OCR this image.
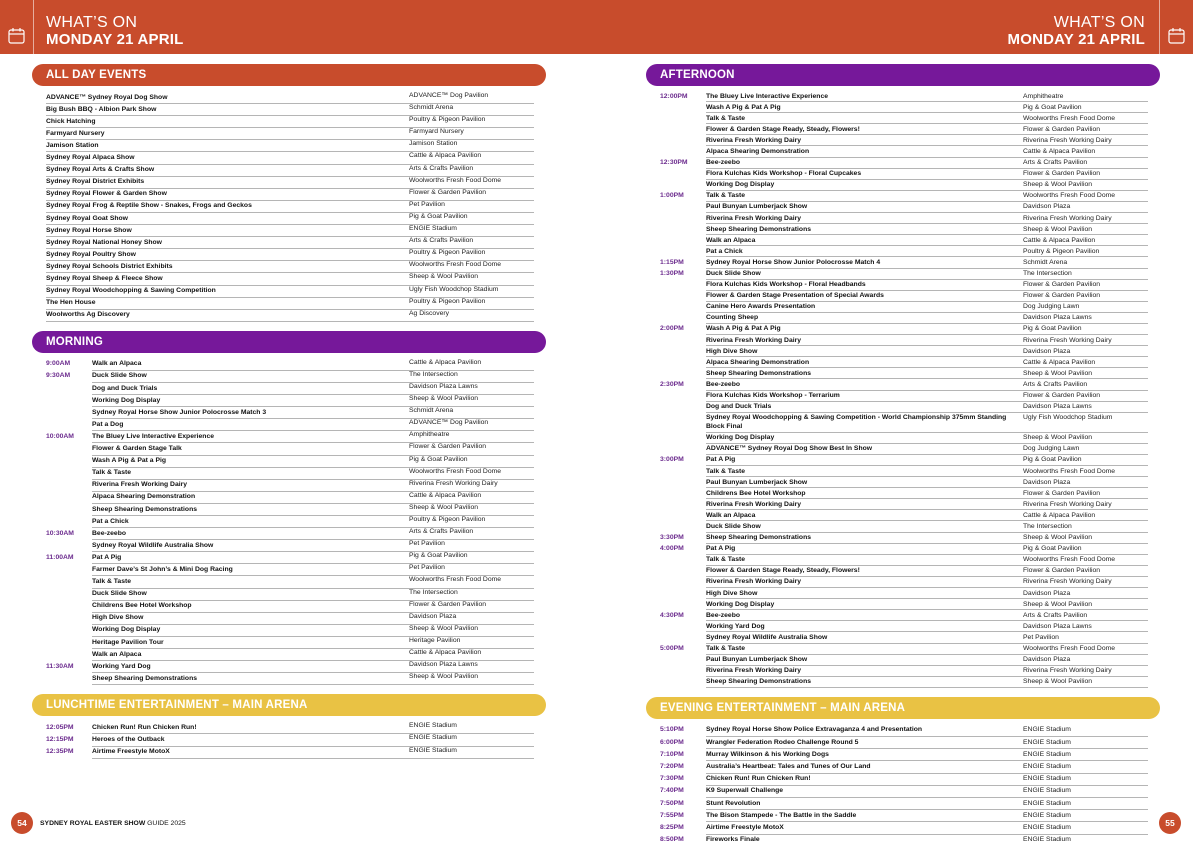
WHAT’S ON
MONDAY 21 APRIL
WHAT’S ON
MONDAY 21 APRIL
ALL DAY EVENTS
ADVANCE™ Sydney Royal Dog Show	ADVANCE™ Dog Pavilion
Big Bush BBQ - Albion Park Show	Schmidt Arena
Chick Hatching	Poultry & Pigeon Pavilion
Farmyard Nursery	Farmyard Nursery
Jamison Station	Jamison Station
Sydney Royal Alpaca Show	Cattle & Alpaca Pavilion
Sydney Royal Arts & Crafts Show	Arts & Crafts Pavilion
Sydney Royal District Exhibits	Woolworths Fresh Food Dome
Sydney Royal Flower & Garden Show	Flower & Garden Pavilion
Sydney Royal Frog & Reptile Show - Snakes, Frogs and Geckos	Pet Pavilion
Sydney Royal Goat Show	Pig & Goat Pavilion
Sydney Royal Horse Show	ENGIE Stadium
Sydney Royal National Honey Show	Arts & Crafts Pavilion
Sydney Royal Poultry Show	Poultry & Pigeon Pavilion
Sydney Royal Schools District Exhibits	Woolworths Fresh Food Dome
Sydney Royal Sheep & Fleece Show	Sheep & Wool Pavilion
Sydney Royal Woodchopping & Sawing Competition	Ugly Fish Woodchop Stadium
The Hen House	Poultry & Pigeon Pavilion
Woolworths Ag Discovery	Ag Discovery
MORNING
9:00AM	Walk an Alpaca	Cattle & Alpaca Pavilion
9:30AM	Duck Slide Show	The Intersection
Dog and Duck Trials	Davidson Plaza Lawns
Working Dog Display	Sheep & Wool Pavilion
Sydney Royal Horse Show Junior Polocrosse Match 3	Schmidt Arena
Pat a Dog	ADVANCE™ Dog Pavilion
10:00AM	The Bluey Live Interactive Experience	Amphitheatre
Flower & Garden Stage Talk	Flower & Garden Pavilion
Wash A Pig & Pat a Pig	Pig & Goat Pavilion
Talk & Taste	Woolworths Fresh Food Dome
Riverina Fresh Working Dairy	Riverina Fresh Working Dairy
Alpaca Shearing Demonstration	Cattle & Alpaca Pavilion
Sheep Shearing Demonstrations	Sheep & Wool Pavilion
Pat a Chick	Poultry & Pigeon Pavilion
10:30AM	Bee-zeebo	Arts & Crafts Pavilion
Sydney Royal Wildlife Australia Show	Pet Pavilion
11:00AM	Pat A Pig	Pig & Goat Pavilion
Farmer Dave’s St John’s & Mini Dog Racing	Pet Pavilion
Talk & Taste	Woolworths Fresh Food Dome
Duck Slide Show	The Intersection
Childrens Bee Hotel Workshop	Flower & Garden Pavilion
High Dive Show	Davidson Plaza
Working Dog Display	Sheep & Wool Pavilion
Heritage Pavilion Tour	Heritage Pavilion
Walk an Alpaca	Cattle & Alpaca Pavilion
11:30AM	Working Yard Dog	Davidson Plaza Lawns
Sheep Shearing Demonstrations	Sheep & Wool Pavilion
LUNCHTIME ENTERTAINMENT – MAIN ARENA
12:05PM	Chicken Run! Run Chicken Run!	ENGIE Stadium
12:15PM	Heroes of the Outback	ENGIE Stadium
12:35PM	Airtime Freestyle MotoX	ENGIE Stadium
AFTERNOON
12:00PM	The Bluey Live Interactive Experience	Amphitheatre
Wash A Pig & Pat A Pig	Pig & Goat Pavilion
Talk & Taste	Woolworths Fresh Food Dome
Flower & Garden Stage Ready, Steady, Flowers!	Flower & Garden Pavilion
Riverina Fresh Working Dairy	Riverina Fresh Working Dairy
Alpaca Shearing Demonstration	Cattle & Alpaca Pavilion
12:30PM	Bee-zeebo	Arts & Crafts Pavilion
Flora Kulchas Kids Workshop - Floral Cupcakes	Flower & Garden Pavilion
Working Dog Display	Sheep & Wool Pavilion
1:00PM	Talk & Taste	Woolworths Fresh Food Dome
Paul Bunyan Lumberjack Show	Davidson Plaza
Riverina Fresh Working Dairy	Riverina Fresh Working Dairy
Sheep Shearing Demonstrations	Sheep & Wool Pavilion
Walk an Alpaca	Cattle & Alpaca Pavilion
Pat a Chick	Poultry & Pigeon Pavilion
1:15PM	Sydney Royal Horse Show Junior Polocrosse Match 4	Schmidt Arena
1:30PM	Duck Slide Show	The Intersection
Flora Kulchas Kids Workshop - Floral Headbands	Flower & Garden Pavilion
Flower & Garden Stage Presentation of Special Awards	Flower & Garden Pavilion
Canine Hero Awards Presentation	Dog Judging Lawn
Counting Sheep	Davidson Plaza Lawns
2:00PM	Wash A Pig & Pat A Pig	Pig & Goat Pavilion
Riverina Fresh Working Dairy	Riverina Fresh Working Dairy
High Dive Show	Davidson Plaza
Alpaca Shearing Demonstration	Cattle & Alpaca Pavilion
Sheep Shearing Demonstrations	Sheep & Wool Pavilion
2:30PM	Bee-zeebo	Arts & Crafts Pavilion
Flora Kulchas Kids Workshop - Terrarium	Flower & Garden Pavilion
Dog and Duck Trials	Davidson Plaza Lawns
Sydney Royal Woodchopping & Sawing Competition - World Championship 375mm Standing Block Final
Ugly Fish Woodchop Stadium
Working Dog Display	Sheep & Wool Pavilion
ADVANCE™ Sydney Royal Dog Show Best In Show	Dog Judging Lawn
3:00PM	Pat A Pig	Pig & Goat Pavilion
Talk & Taste	Woolworths Fresh Food Dome
Paul Bunyan Lumberjack Show	Davidson Plaza
Childrens Bee Hotel Workshop	Flower & Garden Pavilion
Riverina Fresh Working Dairy	Riverina Fresh Working Dairy
Walk an Alpaca	Cattle & Alpaca Pavilion
Duck Slide Show	The Intersection
3:30PM	Sheep Shearing Demonstrations	Sheep & Wool Pavilion
4:00PM	Pat A Pig	Pig & Goat Pavilion
Talk & Taste	Woolworths Fresh Food Dome
Flower & Garden Stage Ready, Steady, Flowers!	Flower & Garden Pavilion
Riverina Fresh Working Dairy	Riverina Fresh Working Dairy
High Dive Show	Davidson Plaza
Working Dog Display	Sheep & Wool Pavilion
4:30PM	Bee-zeebo	Arts & Crafts Pavilion
Working Yard Dog	Davidson Plaza Lawns
Sydney Royal Wildlife Australia Show	Pet Pavilion
5:00PM	Talk & Taste	Woolworths Fresh Food Dome
Paul Bunyan Lumberjack Show	Davidson Plaza
Riverina Fresh Working Dairy	Riverina Fresh Working Dairy
Sheep Shearing Demonstrations	Sheep & Wool Pavilion
EVENING ENTERTAINMENT – MAIN ARENA
5:10PM	Sydney Royal Horse Show Police Extravaganza 4 and Presentation	ENGIE Stadium
6:00PM	Wrangler Federation Rodeo Challenge Round 5	ENGIE Stadium
7:10PM	Murray Wilkinson & his Working Dogs	ENGIE Stadium
7:20PM	Australia’s Heartbeat: Tales and Tunes of Our Land	ENGIE Stadium
7:30PM	Chicken Run! Run Chicken Run!	ENGIE Stadium
7:40PM	K9 Superwall Challenge	ENGIE Stadium
7:50PM	Stunt Revolution	ENGIE Stadium
7:55PM	The Bison Stampede - The Battle in the Saddle	ENGIE Stadium
8:25PM	Airtime Freestyle MotoX	ENGIE Stadium
8:50PM	Fireworks Finale	ENGIE Stadium
54	SYDNEY ROYAL EASTER SHOW GUIDE 2025	55
